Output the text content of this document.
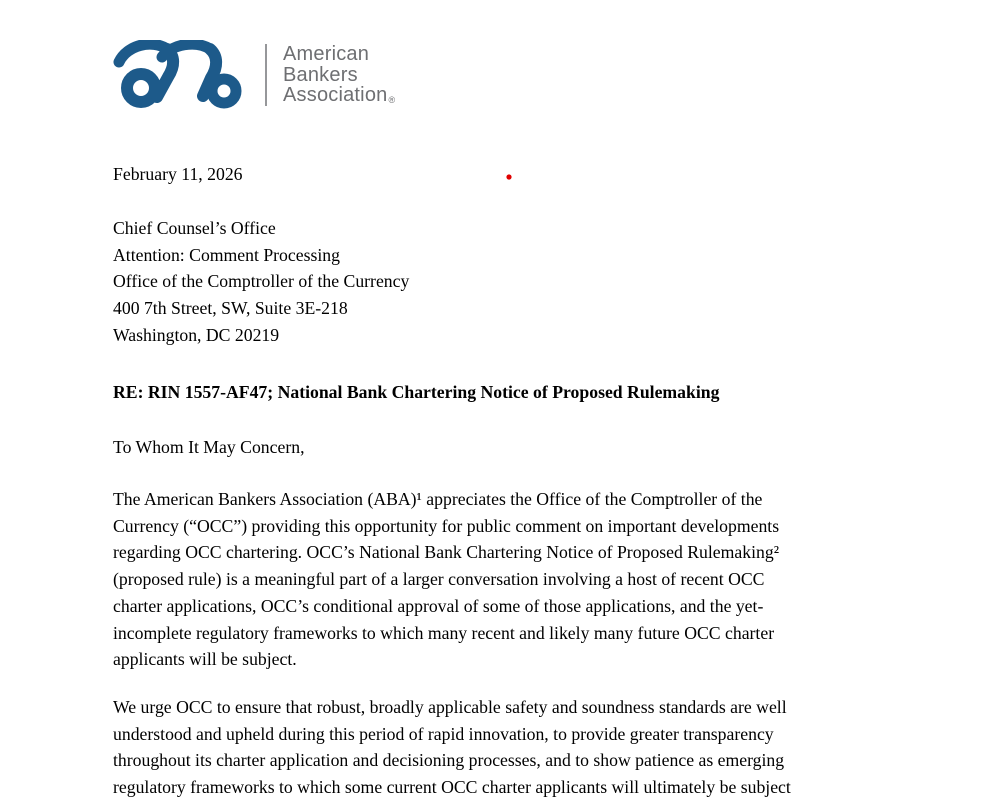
American
Bankers
Association ®
February 11, 2026
Chief Counsel’s Office
Attention: Comment Processing
Office of the Comptroller of the Currency
400 7th Street, SW, Suite 3E-218
Washington, DC 20219
RE: RIN 1557-AF47; National Bank Chartering Notice of Proposed Rulemaking
To Whom It May Concern,
The American Bankers Association (ABA)¹ appreciates the Office of the Comptroller of the
Currency (“OCC”) providing this opportunity for public comment on important developments
regarding OCC chartering. OCC’s National Bank Chartering Notice of Proposed Rulemaking²
(proposed rule) is a meaningful part of a larger conversation involving a host of recent OCC
charter applications, OCC’s conditional approval of some of those applications, and the yet-
incomplete regulatory frameworks to which many recent and likely many future OCC charter
applicants will be subject.
We urge OCC to ensure that robust, broadly applicable safety and soundness standards are well
understood and upheld during this period of rapid innovation, to provide greater transparency
throughout its charter application and decisioning processes, and to show patience as emerging
regulatory frameworks to which some current OCC charter applicants will ultimately be subject
